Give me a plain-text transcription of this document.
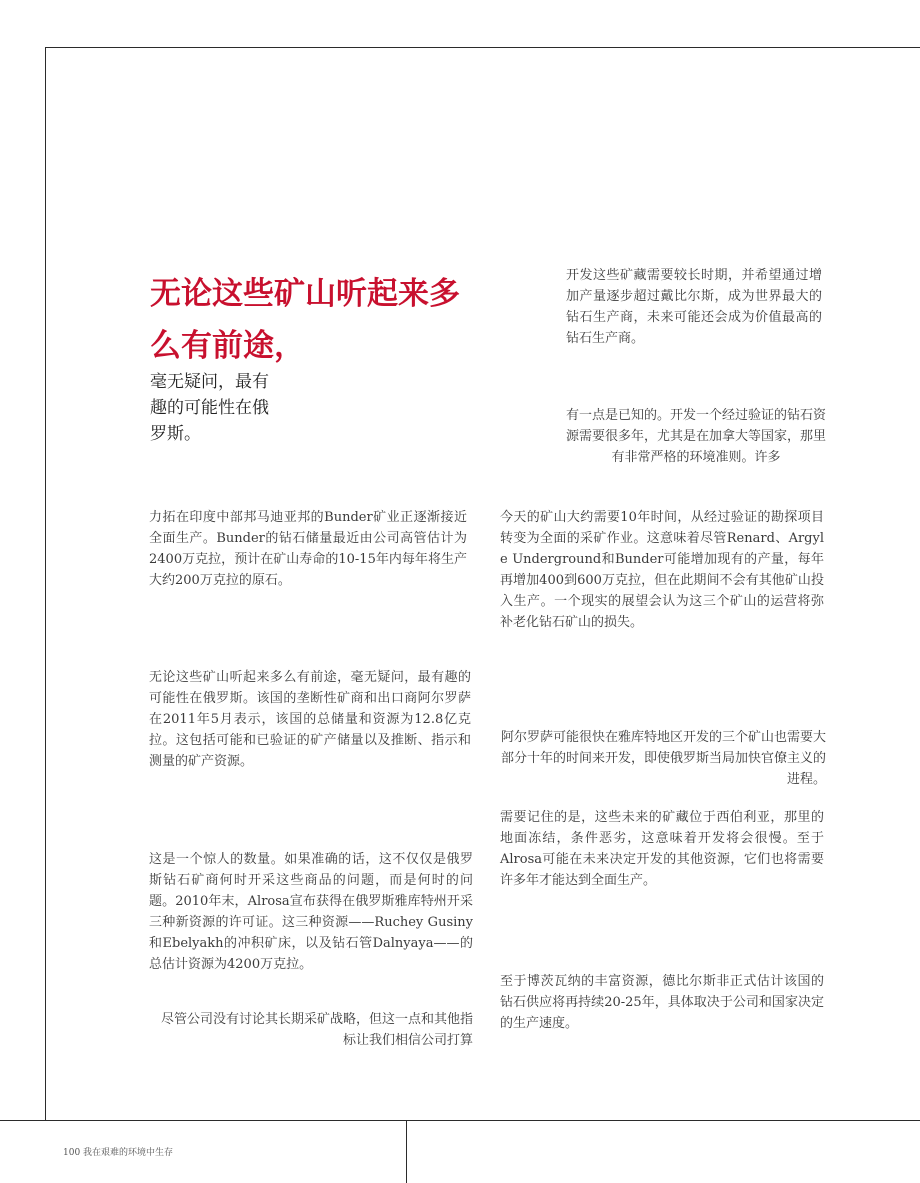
无论这些矿山听起来多么有前途，

毫无疑问，最有趣的可能性在俄罗斯。

开发这些矿藏需要较长时期，并希望通过增加产量逐步超过戴比尔斯，成为世界最大的钻石生产商，未来可能还会成为价值最高的钻石生产商。

有一点是已知的。开发一个经过验证的钻石资源需要很多年，尤其是在加拿大等国家，那里有非常严格的环境准则。许多

今天的矿山大约需要10年时间，从经过验证的勘探项目转变为全面的采矿作业。这意味着尽管Renard、Argyle Underground和Bunder可能增加现有的产量，每年再增加400到600万克拉，但在此期间不会有其他矿山投入生产。一个现实的展望会认为这三个矿山的运营将弥补老化钻石矿山的损失。

阿尔罗萨可能很快在雅库特地区开发的三个矿山也需要大部分十年的时间来开发，即使俄罗斯当局加快官僚主义的进程。

需要记住的是，这些未来的矿藏位于西伯利亚，那里的地面冻结，条件恶劣，这意味着开发将会很慢。至于Alrosa可能在未来决定开发的其他资源，它们也将需要许多年才能达到全面生产。

至于博茨瓦纳的丰富资源，德比尔斯非正式估计该国的钻石供应将再持续20-25年，具体取决于公司和国家决定的生产速度。

力拓在印度中部邦马迪亚邦的Bunder矿业正逐渐接近全面生产。Bunder的钻石储量最近由公司高管估计为2400万克拉，预计在矿山寿命的10-15年内每年将生产大约200万克拉的原石。

无论这些矿山听起来多么有前途，毫无疑问，最有趣的可能性在俄罗斯。该国的垄断性矿商和出口商阿尔罗萨在2011年5月表示，该国的总储量和资源为12.8亿克拉。这包括可能和已验证的矿产储量以及推断、指示和测量的矿产资源。

这是一个惊人的数量。如果准确的话，这不仅仅是俄罗斯钻石矿商何时开采这些商品的问题，而是何时的问题。2010年末，Alrosa宣布获得在俄罗斯雅库特州开采三种新资源的许可证。这三种资源——Ruchey Gusiny和Ebelyakh的冲积矿床，以及钻石管Dalnyaya——的总估计资源为4200万克拉。

尽管公司没有讨论其长期采矿战略，但这一点和其他指标让我们相信公司打算

100 我在艰难的环境中生存
